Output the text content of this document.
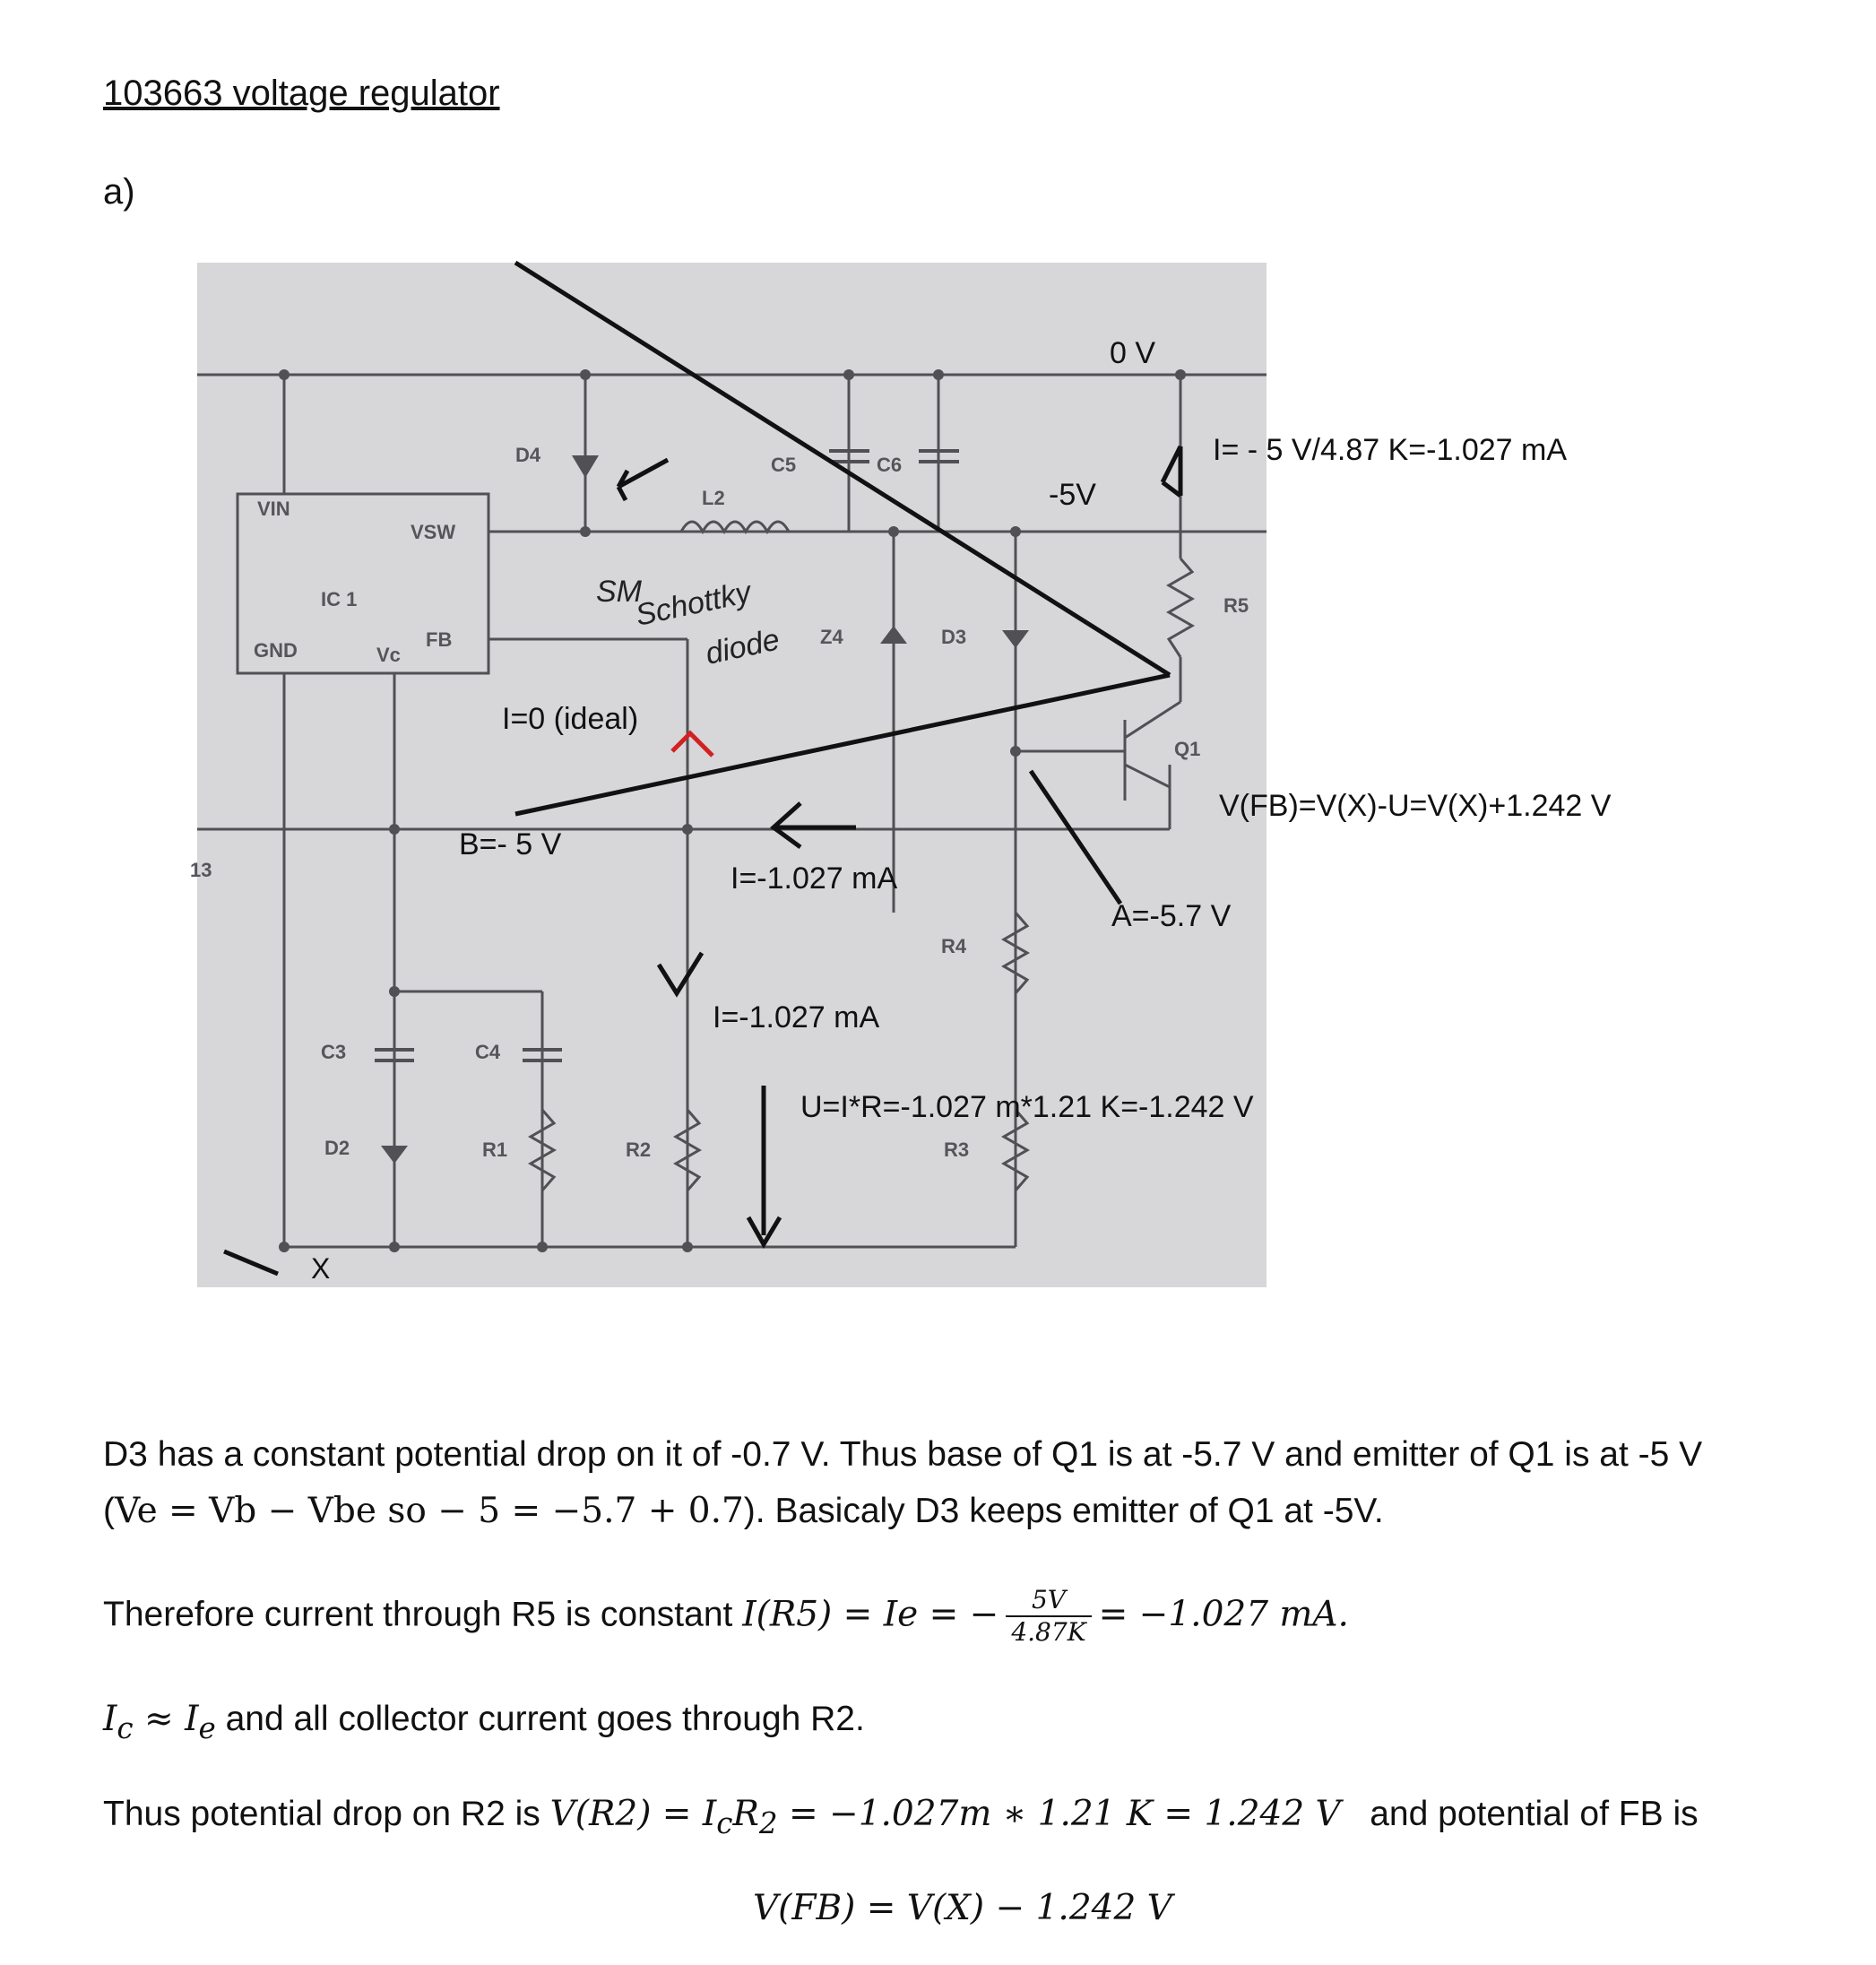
103663 voltage regulator
a)
VIN
VSW
IC 1
GND	Vc
FB
D4
L2
C5	C6
Z4	D3
R5
Q1
R4
R3
R2
R1
C3	C4
D2
13
0 V
-5V
I= - 5 V/4.87 K=-1.027 mA
I=0 (ideal)
B=- 5 V
I=-1.027 mA
I=-1.027 mA
A=-5.7 V
V(FB)=V(X)-U=V(X)+1.242 V
U=I*R=-1.027 m*1.21 K=-1.242 V
SM
Schottky
diode
X
D3 has a constant potential drop on it of -0.7 V. Thus base of Q1 is at -5.7 V and emitter of Q1 is at -5 V
(Ve = Vb − Vbe so − 5 = −5.7 + 0.7). Basicaly D3 keeps emitter of Q1 at -5V.
Therefore current through R5 is constant I(R5) = Ie = − $\frac{5V}{4.87K} = -1.027$ mA.
$I_c \approx I_e$ and all collector current goes through R2.
Thus potential drop on R2 is $V(R2) = I_cR_2 = -1.027m$ ∗ 1.21 K = 1.242 V and potential of FB is
V(FB) = V(X) − 1.242 V
